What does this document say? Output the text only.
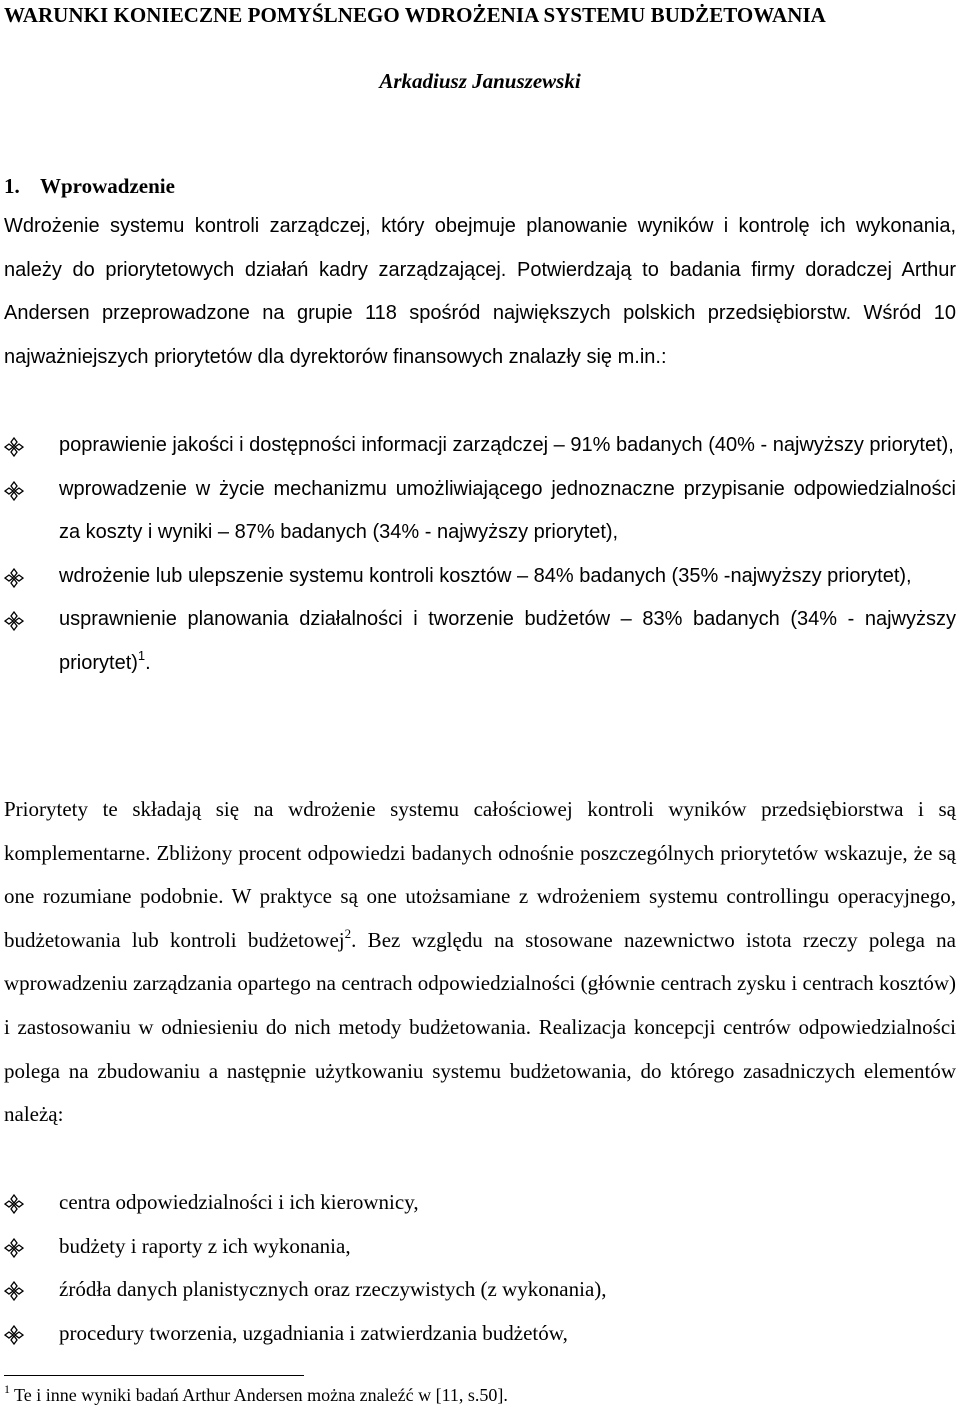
WARUNKI KONIECZNE POMYŚLNEGO WDROŻENIA SYSTEMU BUDŻETOWANIA
Arkadiusz Januszewski
1. Wprowadzenie

Wdrożenie systemu kontroli zarządczej, który obejmuje planowanie wyników i kontrolę ich wykonania, należy do priorytetowych działań kadry zarządzającej. Potwierdzają to badania firmy doradczej Arthur Andersen przeprowadzone na grupie 118 spośród największych polskich przedsiębiorstw. Wśród 10 najważniejszych priorytetów dla dyrektorów finansowych znalazły się m.in.:

poprawienie jakości i dostępności informacji zarządczej – 91% badanych (40% - najwyższy priorytet),
wprowadzenie w życie mechanizmu umożliwiającego jednoznaczne przypisanie odpowiedzialności za koszty i wyniki – 87% badanych (34% - najwyższy priorytet),
wdrożenie lub ulepszenie systemu kontroli kosztów – 84% badanych (35% -najwyższy priorytet),
usprawnienie planowania działalności i tworzenie budżetów – 83% badanych (34% - najwyższy priorytet)$^1$.

Priorytety te składają się na wdrożenie systemu całościowej kontroli wyników przedsiębiorstwa i są komplementarne. Zbliżony procent odpowiedzi badanych odnośnie poszczególnych priorytetów wskazuje, że są one rozumiane podobnie. W praktyce są one utożsamiane z wdrożeniem systemu controllingu operacyjnego, budżetowania lub kontroli budżetowej$^2$. Bez względu na stosowane nazewnictwo istota rzeczy polega na wprowadzeniu zarządzania opartego na centrach odpowiedzialności (głównie centrach zysku i centrach kosztów) i zastosowaniu w odniesieniu do nich metody budżetowania. Realizacja koncepcji centrów odpowiedzialności polega na zbudowaniu a następnie użytkowaniu systemu budżetowania, do którego zasadniczych elementów należą:

centra odpowiedzialności i ich kierownicy,
budżety i raporty z ich wykonania,
źródła danych planistycznych oraz rzeczywistych (z wykonania),
procedury tworzenia, uzgadniania i zatwierdzania budżetów,
$^1$ Te i inne wyniki badań Arthur Andersen można znaleźć w [11, s.50].
